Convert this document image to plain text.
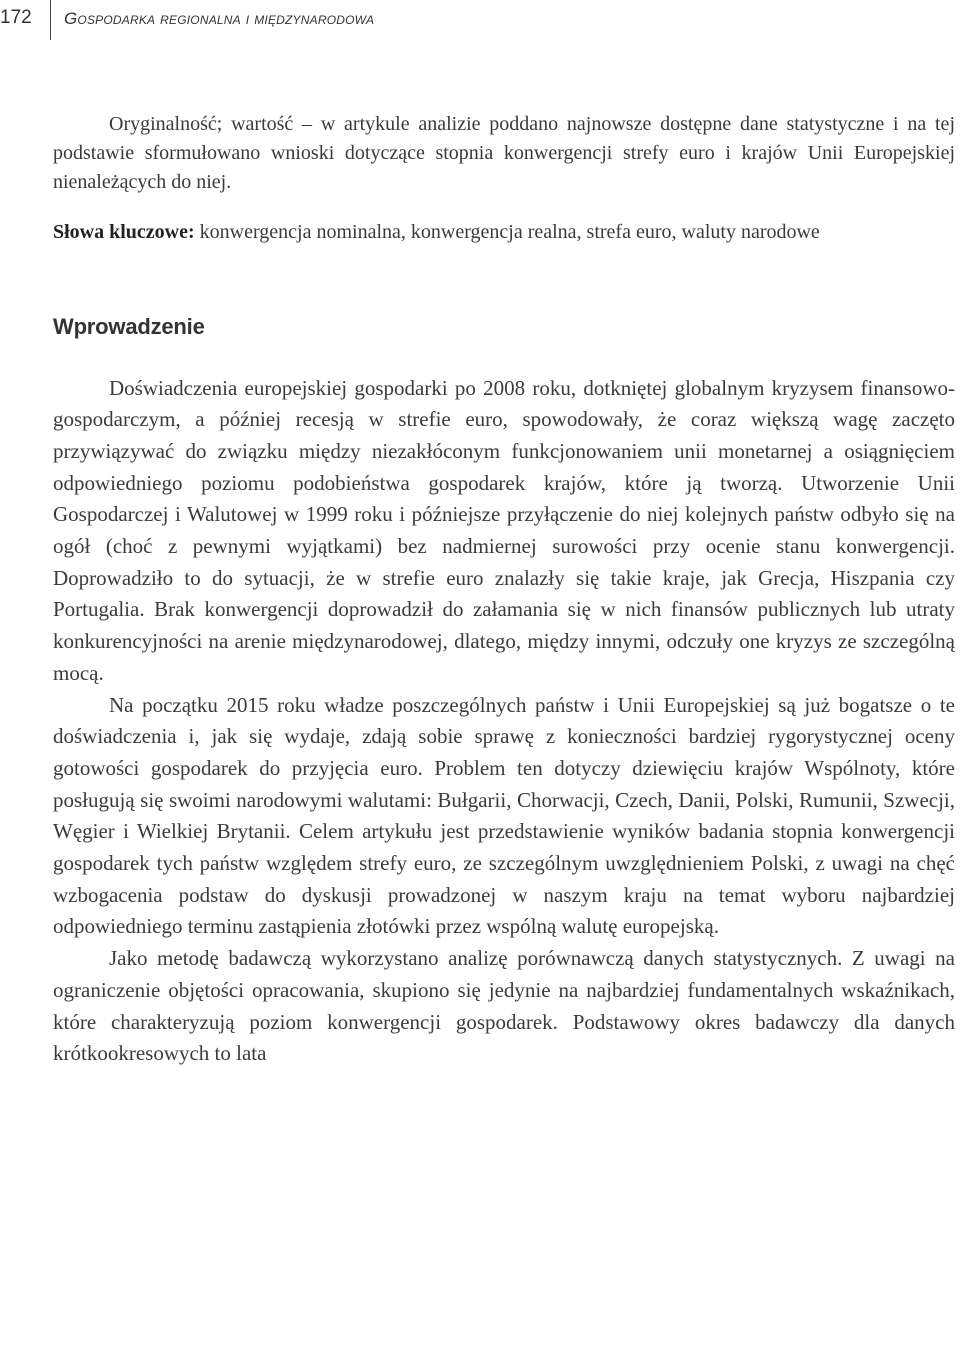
172	Gospodarka regionalna i międzynarodowa

Oryginalność; wartość – w artykule analizie poddano najnowsze dostępne dane statystyczne i na tej podstawie sformułowano wnioski dotyczące stopnia konwergencji strefy euro i krajów Unii Europejskiej nienależących do niej.

Słowa kluczowe: konwergencja nominalna, konwergencja realna, strefa euro, waluty narodowe

Wprowadzenie

Doświadczenia europejskiej gospodarki po 2008 roku, dotkniętej globalnym kryzysem finansowo-gospodarczym, a później recesją w strefie euro, spowodowały, że coraz większą wagę zaczęto przywiązywać do związku między niezakłóconym funkcjonowaniem unii monetarnej a osiągnięciem odpowiedniego poziomu podobieństwa gospodarek krajów, które ją tworzą. Utworzenie Unii Gospodarczej i Walutowej w 1999 roku i późniejsze przyłączenie do niej kolejnych państw odbyło się na ogół (choć z pewnymi wyjątkami) bez nadmiernej surowości przy ocenie stanu konwergencji. Doprowadziło to do sytuacji, że w strefie euro znalazły się takie kraje, jak Grecja, Hiszpania czy Portugalia. Brak konwergencji doprowadził do załamania się w nich finansów publicznych lub utraty konkurencyjności na arenie międzynarodowej, dlatego, między innymi, odczuły one kryzys ze szczególną mocą.

Na początku 2015 roku władze poszczególnych państw i Unii Europejskiej są już bogatsze o te doświadczenia i, jak się wydaje, zdają sobie sprawę z konieczności bardziej rygorystycznej oceny gotowości gospodarek do przyjęcia euro. Problem ten dotyczy dziewięciu krajów Wspólnoty, które posługują się swoimi narodowymi walutami: Bułgarii, Chorwacji, Czech, Danii, Polski, Rumunii, Szwecji, Węgier i Wielkiej Brytanii. Celem artykułu jest przedstawienie wyników badania stopnia konwergencji gospodarek tych państw względem strefy euro, ze szczególnym uwzględnieniem Polski, z uwagi na chęć wzbogacenia podstaw do dyskusji prowadzonej w naszym kraju na temat wyboru najbardziej odpowiedniego terminu zastąpienia złotówki przez wspólną walutę europejską.

Jako metodę badawczą wykorzystano analizę porównawczą danych statystycznych. Z uwagi na ograniczenie objętości opracowania, skupiono się jedynie na najbardziej fundamentalnych wskaźnikach, które charakteryzują poziom konwergencji gospodarek. Podstawowy okres badawczy dla danych krótkookresowych to lata
